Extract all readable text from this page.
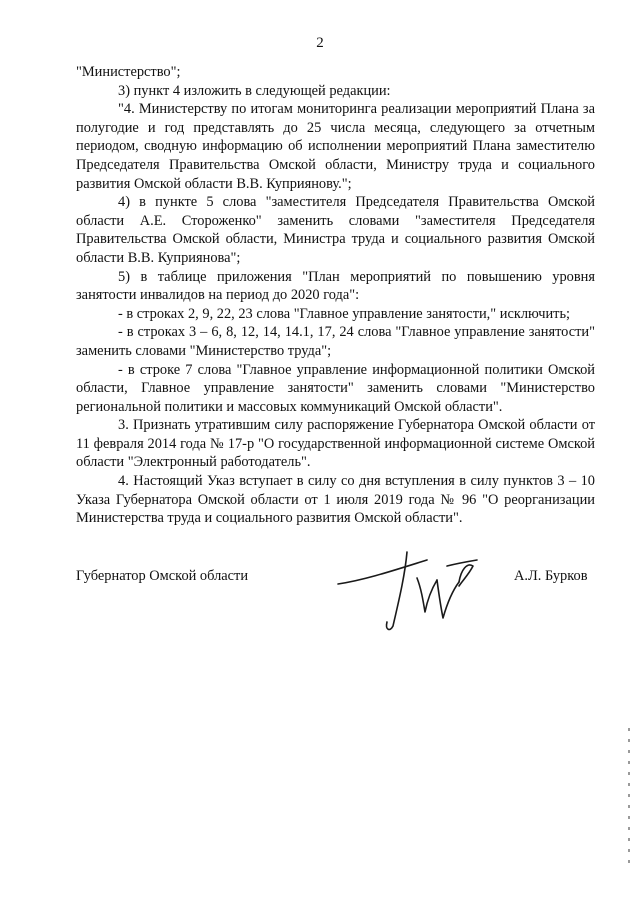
2

"Министерство";

3) пункт 4 изложить в следующей редакции:

"4. Министерству по итогам мониторинга реализации мероприятий Плана за полугодие и год представлять до 25 числа месяца, следующего за отчетным периодом, сводную информацию об исполнении мероприятий Плана заместителю Председателя Правительства Омской области, Министру труда и социального развития Омской области В.В. Куприянову.";

4) в пункте 5 слова "заместителя Председателя Правительства Омской области А.Е. Стороженко" заменить словами "заместителя Председателя Правительства Омской области, Министра труда и социального развития Омской области В.В. Куприянова";

5) в таблице приложения "План мероприятий по повышению уровня занятости инвалидов на период до 2020 года":

- в строках 2, 9, 22, 23 слова "Главное управление занятости," исключить;

- в строках 3 – 6, 8, 12, 14, 14.1, 17, 24 слова "Главное управление занятости" заменить словами "Министерство труда";

- в строке 7 слова "Главное управление информационной политики Омской области, Главное управление занятости" заменить словами "Министерство региональной политики и массовых коммуникаций Омской области".

3. Признать утратившим силу распоряжение Губернатора Омской области от 11 февраля 2014 года № 17-р "О государственной информационной системе Омской области "Электронный работодатель".

4. Настоящий Указ вступает в силу со дня вступления в силу пунктов 3 – 10 Указа Губернатора Омской области от 1 июля 2019 года № 96 "О реорганизации Министерства труда и социального развития Омской области".

Губернатор Омской области	А.Л. Бурков
